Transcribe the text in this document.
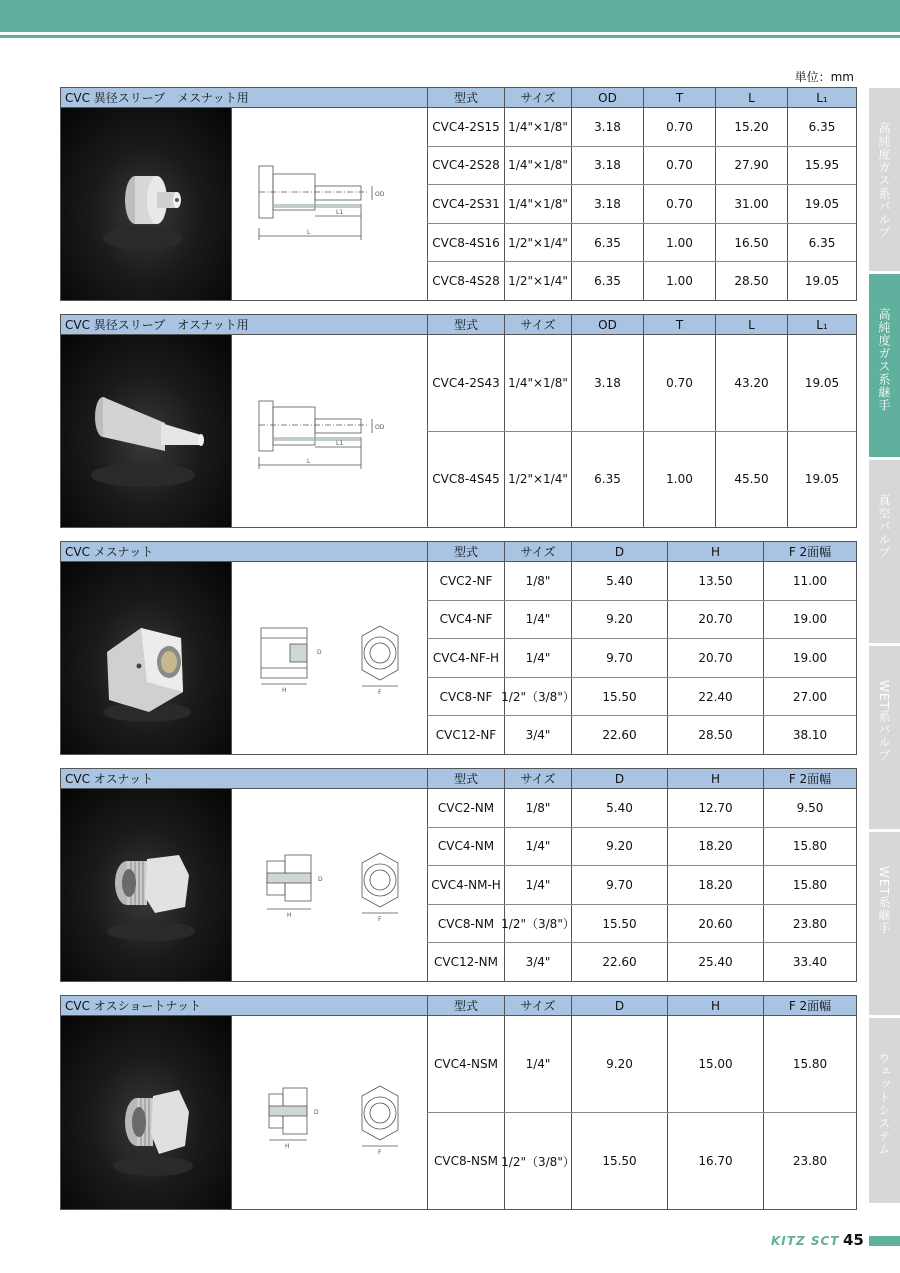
単位：mm
CVC 異径スリーブ　メスナット用	型式	サイズ	OD	T	L	L₁
L
L1
OD
CVC4-2S15 1/4"×1/8"	3.18	0.70	15.20	6.35
CVC4-2S28 1/4"×1/8"	3.18	0.70	27.90	15.95
CVC4-2S31 1/4"×1/8"	3.18	0.70	31.00	19.05
CVC8-4S16 1/2"×1/4"	6.35	1.00	16.50	6.35
CVC8-4S28 1/2"×1/4"	6.35	1.00	28.50	19.05
CVC 異径スリーブ　オスナット用	型式	サイズ	OD	T	L	L₁
L
L1
OD
CVC4-2S43 1/4"×1/8"	3.18	0.70	43.20	19.05
CVC8-4S45 1/2"×1/4"	6.35	1.00	45.50	19.05
CVC メスナット	型式	サイズ	D	H	F 2面幅
H	F
D
CVC2-NF	1/8"	5.40	13.50	11.00
CVC4-NF	1/4"	9.20	20.70	19.00
CVC4-NF-H	1/4"	9.70	20.70	19.00
CVC8-NF 1/2"（3/8"）	15.50	22.40	27.00
CVC12-NF	3/4"	22.60	28.50	38.10
CVC オスナット	型式	サイズ	D	H	F 2面幅
H
F
D
CVC2-NM	1/8"	5.40	12.70	9.50
CVC4-NM	1/4"	9.20	18.20	15.80
CVC4-NM-H	1/4"	9.70	18.20	15.80
CVC8-NM 1/2"（3/8"）	15.50	20.60	23.80
CVC12-NM	3/4"	22.60	25.40	33.40
CVC オスショートナット	型式	サイズ	D	H	F 2面幅
H
F
D
CVC4-NSM	1/4"	9.20	15.00	15.80
CVC8-NSM 1/2"（3/8"）	15.50	16.70	23.80
高純度ガス系バルブ
高純度ガス系継手
真空バルブ
WET系バルブ
WET系継手
ウェットシステム
KITZ SCT 45
